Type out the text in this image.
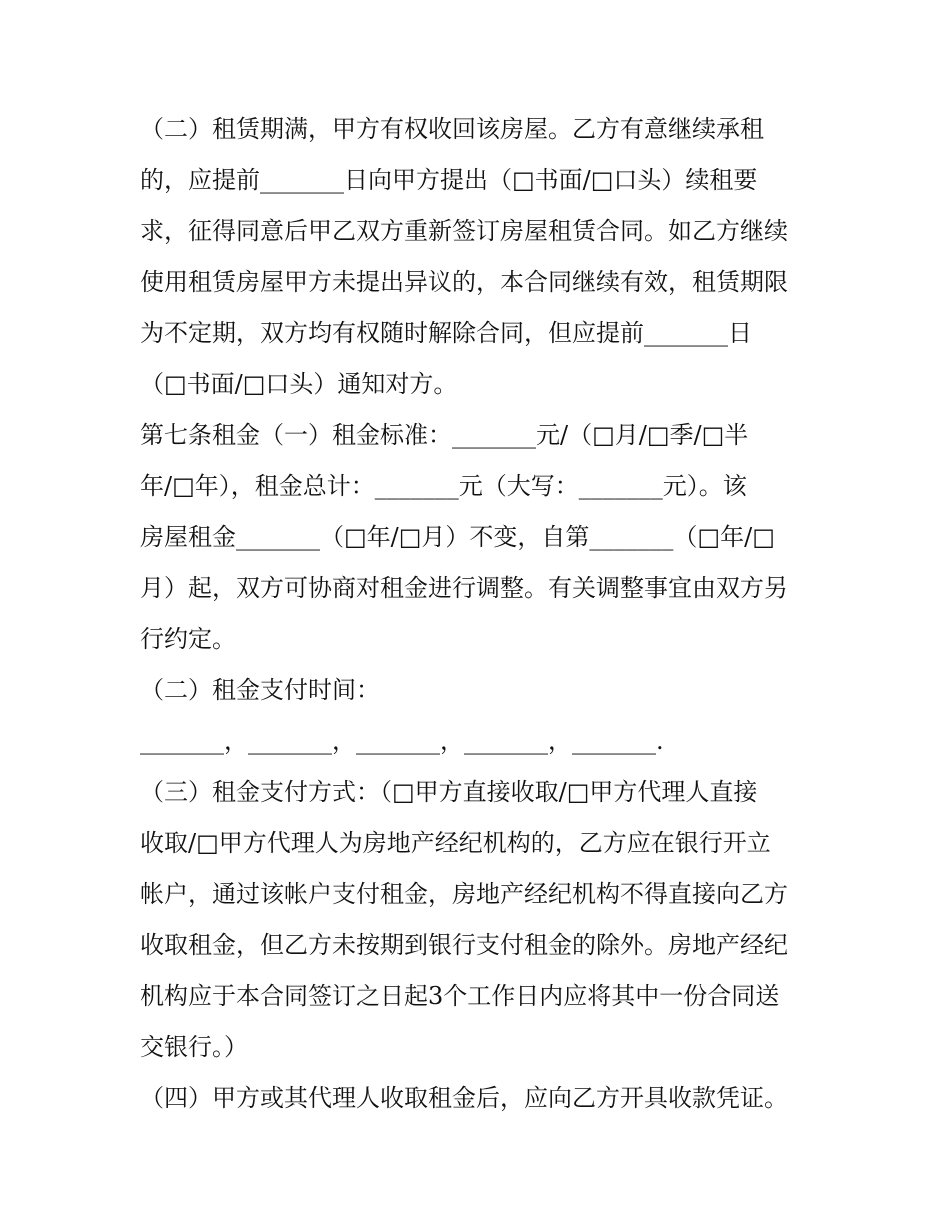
（二）租赁期满，甲方有权收回该房屋。乙方有意继续承租
的，应提前_______日向甲方提出（□书面/□口头）续租要
求，征得同意后甲乙双方重新签订房屋租赁合同。如乙方继续
使用租赁房屋甲方未提出异议的，本合同继续有效，租赁期限
为不定期，双方均有权随时解除合同，但应提前_______日
（□书面/□口头）通知对方。
第七条租金（一）租金标准：_______元/（□月/□季/□半
年/□年），租金总计：_______元（大写：_______元）。该
房屋租金_______（□年/□月）不变，自第_______（□年/□
月）起，双方可协商对租金进行调整。有关调整事宜由双方另
行约定。
（二）租金支付时间：
_______，_______，_______，_______，_______.
（三）租金支付方式：（□甲方直接收取/□甲方代理人直接
收取/□甲方代理人为房地产经纪机构的，乙方应在银行开立
帐户，通过该帐户支付租金，房地产经纪机构不得直接向乙方
收取租金，但乙方未按期到银行支付租金的除外。房地产经纪
机构应于本合同签订之日起3个工作日内应将其中一份合同送
交银行。）
（四）甲方或其代理人收取租金后，应向乙方开具收款凭证。
